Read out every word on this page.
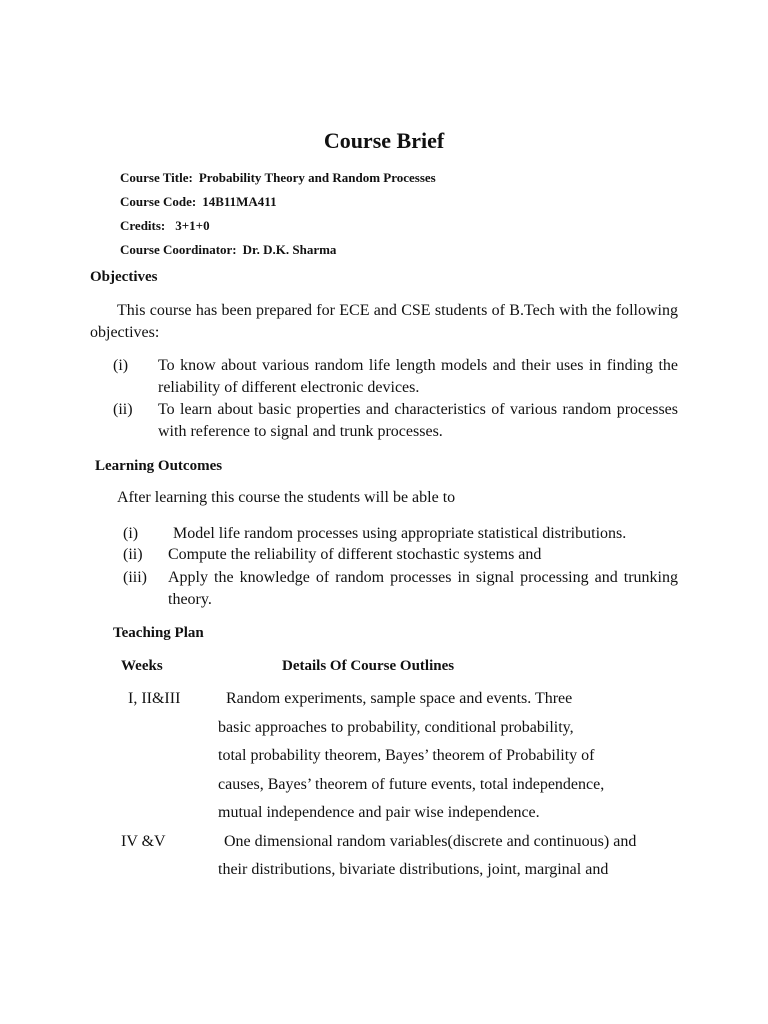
Course Brief
Course Title: Probability Theory and Random Processes
Course Code: 14B11MA411
Credits: 3+1+0
Course Coordinator: Dr. D.K. Sharma
Objectives
This course has been prepared for ECE and CSE students of B.Tech with the following objectives:
(i) To know about various random life length models and their uses in finding the reliability of different electronic devices.
(ii) To learn about basic properties and characteristics of various random processes with reference to signal and trunk processes.
Learning Outcomes
After learning this course the students will be able to
(i) Model life random processes using appropriate statistical distributions.
(ii) Compute the reliability of different stochastic systems and
(iii) Apply the knowledge of random processes in signal processing and trunking theory.
Teaching Plan
Weeks	Details Of Course Outlines
I, II&III	Random experiments, sample space and events. Three
basic approaches to probability, conditional probability,
total probability theorem, Bayes’ theorem of Probability of
causes, Bayes’ theorem of future events, total independence,
mutual independence and pair wise independence.
IV &V	One dimensional random variables(discrete and continuous) and
their distributions, bivariate distributions, joint, marginal and
